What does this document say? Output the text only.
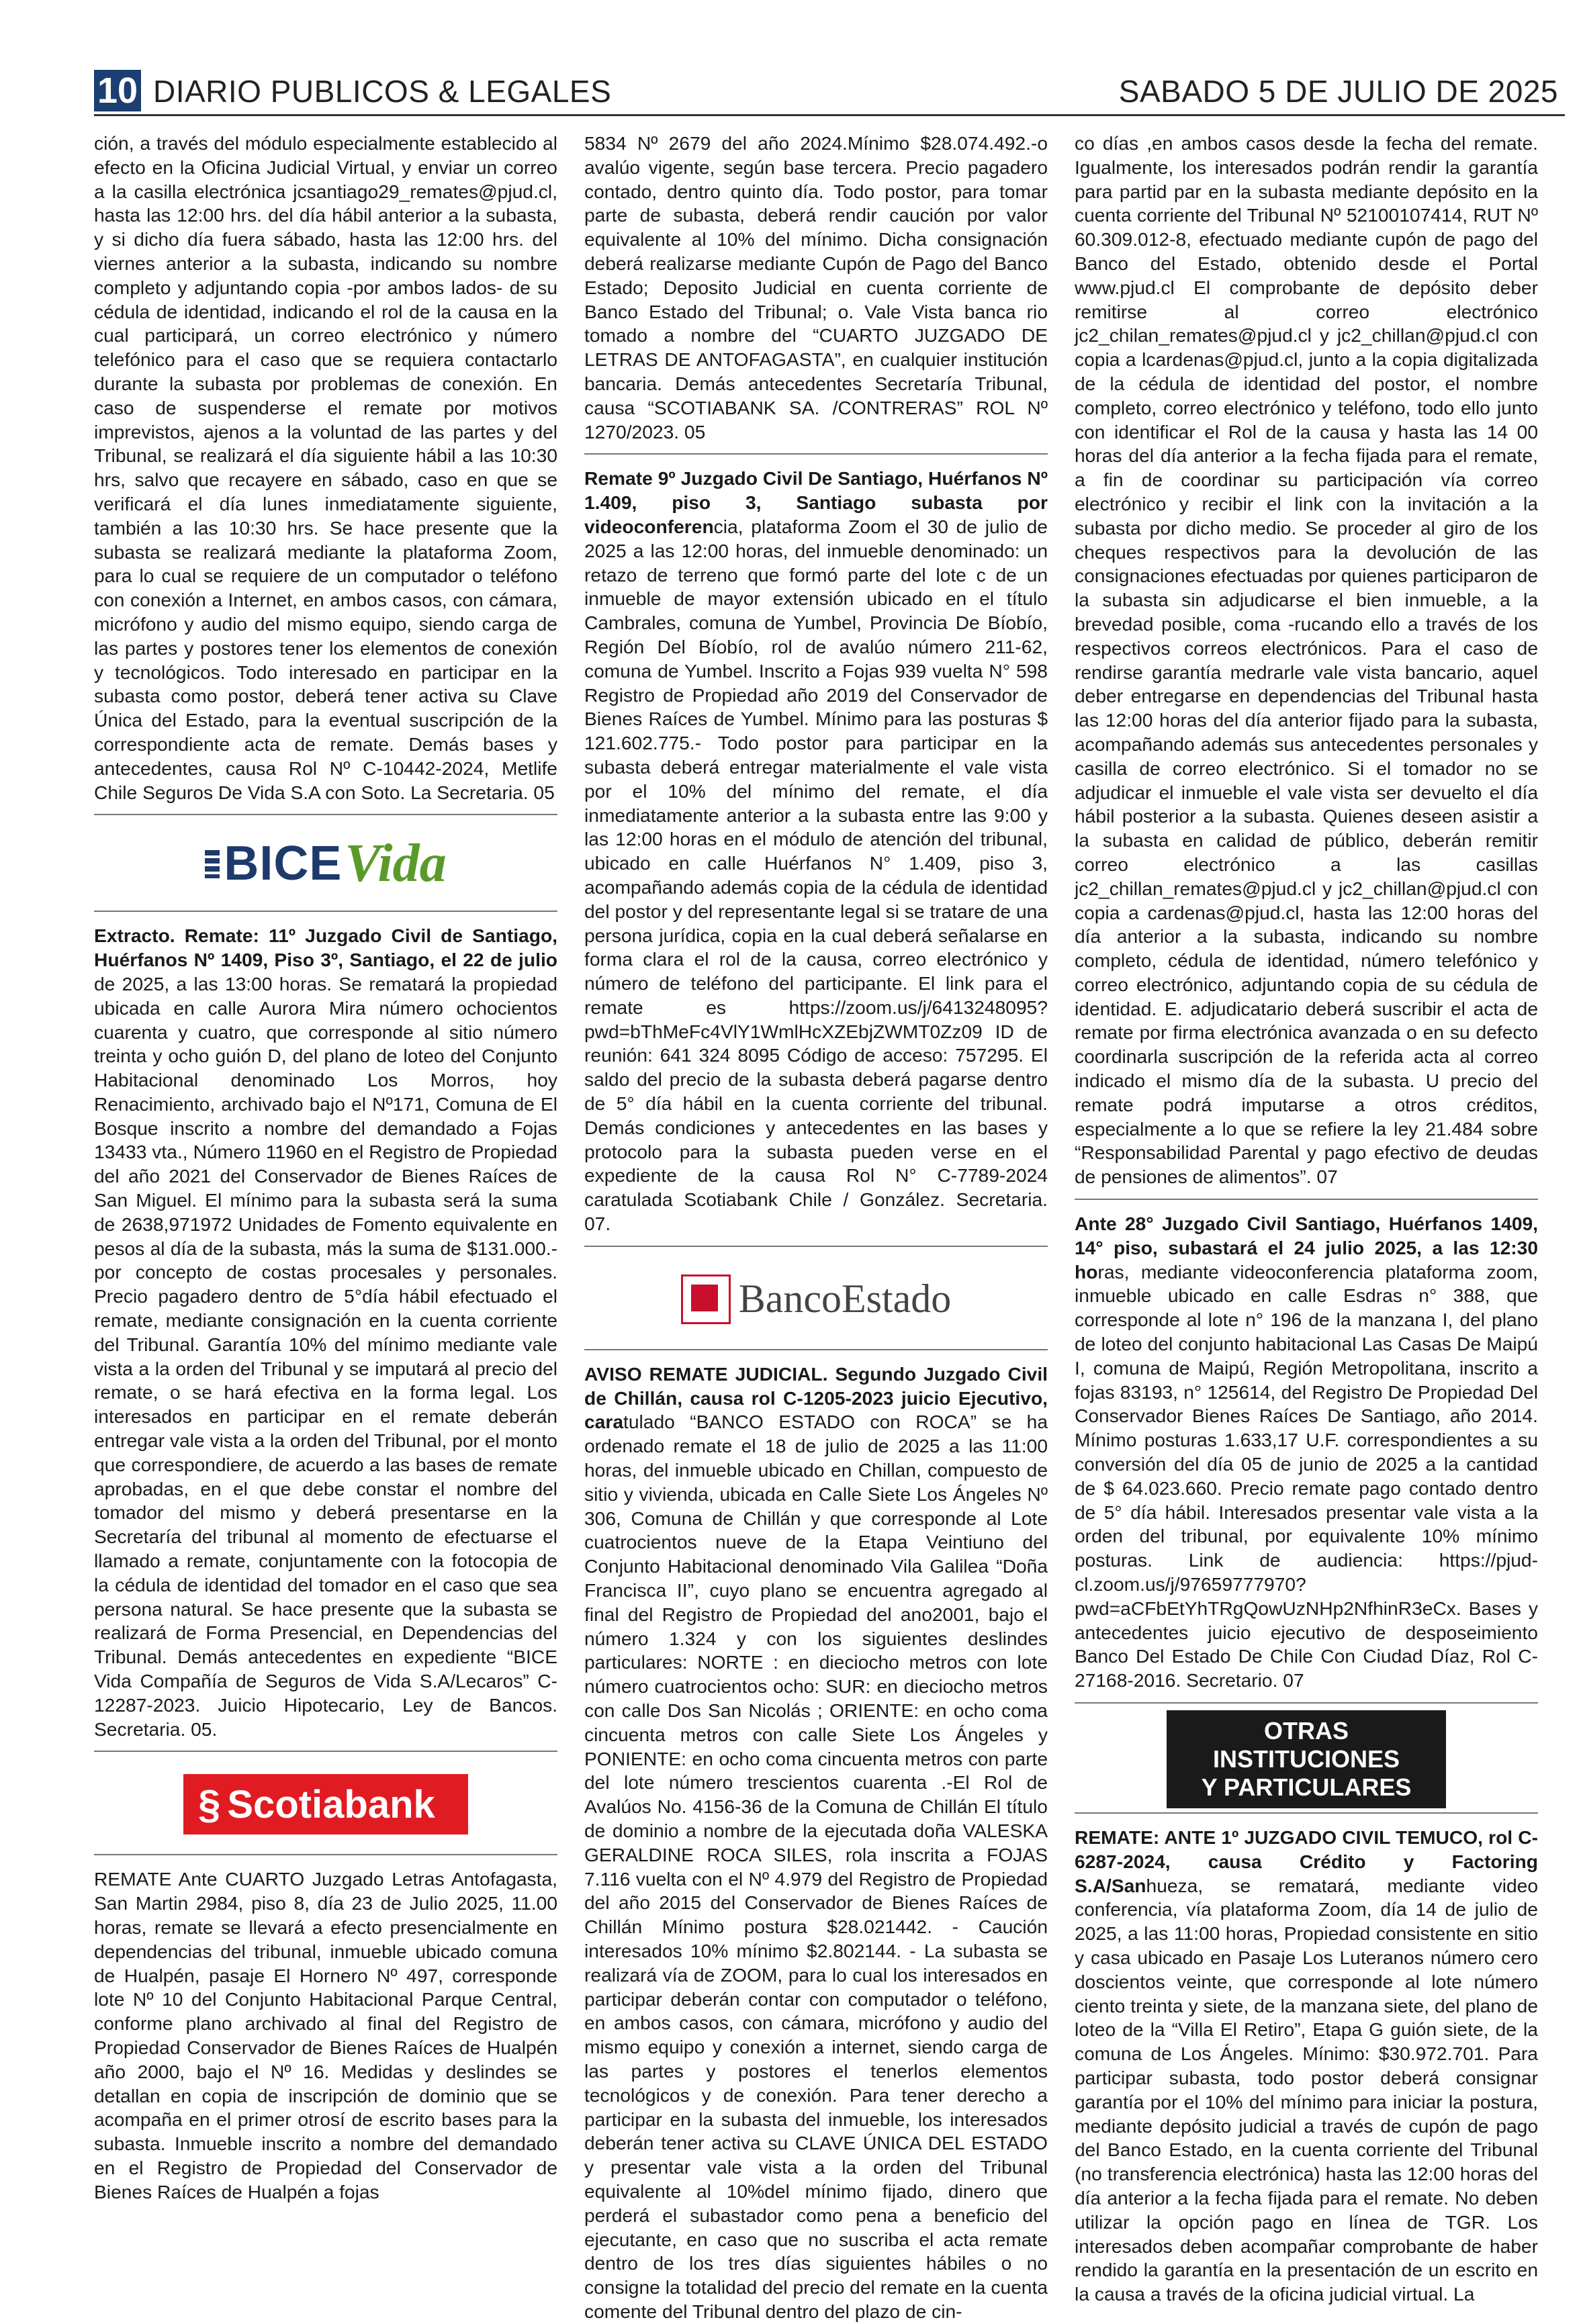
10 DIARIO PUBLICOS & LEGALES	SABADO 5 DE JULIO DE 2025

ción, a través del módulo especialmente establecido al efecto en la Oficina Judicial Virtual, y enviar un correo a la casilla electrónica jcsantiago29_remates@pjud.cl, hasta las 12:00 hrs. del día hábil anterior a la subasta, y si dicho día fuera sábado, hasta las 12:00 hrs. del viernes anterior a la subasta, indicando su nombre completo y adjuntando copia -por ambos lados- de su cédula de identidad, indicando el rol de la causa en la cual participará, un correo electrónico y número telefónico para el caso que se requiera contactarlo durante la subasta por problemas de conexión. En caso de suspenderse el remate por motivos imprevistos, ajenos a la voluntad de las partes y del Tribunal, se realizará el día siguiente hábil a las 10:30 hrs, salvo que recayere en sábado, caso en que se verificará el día lunes inmediatamente siguiente, también a las 10:30 hrs. Se hace presente que la subasta se realizará mediante la plataforma Zoom, para lo cual se requiere de un computador o teléfono con conexión a Internet, en ambos casos, con cámara, micrófono y audio del mismo equipo, siendo carga de las partes y postores tener los elementos de conexión y tecnológicos. Todo interesado en participar en la subasta como postor, deberá tener activa su Clave Única del Estado, para la eventual suscripción de la correspondiente acta de remate. Demás bases y antecedentes, causa Rol Nº C-10442-2024, Metlife Chile Seguros De Vida S.A con Soto. La Secretaria. 05

BICE Vida

Extracto. Remate: 11º Juzgado Civil de Santiago, Huérfanos Nº 1409, Piso 3º, Santiago, el 22 de julio de 2025, a las 13:00 horas. Se rematará la propiedad ubicada en calle Aurora Mira número ochocientos cuarenta y cuatro, que corresponde al sitio número treinta y ocho guión D, del plano de loteo del Conjunto Habitacional denominado Los Morros, hoy Renacimiento, archivado bajo el Nº171, Comuna de El Bosque inscrito a nombre del demandado a Fojas 13433 vta., Número 11960 en el Registro de Propiedad del año 2021 del Conservador de Bienes Raíces de San Miguel. El mínimo para la subasta será la suma de 2638,971972 Unidades de Fomento equivalente en pesos al día de la subasta, más la suma de $131.000.- por concepto de costas procesales y personales. Precio pagadero dentro de 5°día hábil efectuado el remate, mediante consignación en la cuenta corriente del Tribunal. Garantía 10% del mínimo mediante vale vista a la orden del Tribunal y se imputará al precio del remate, o se hará efectiva en la forma legal. Los interesados en participar en el remate deberán entregar vale vista a la orden del Tribunal, por el monto que correspondiere, de acuerdo a las bases de remate aprobadas, en el que debe constar el nombre del tomador del mismo y deberá presentarse en la Secretaría del tribunal al momento de efectuarse el llamado a remate, conjuntamente con la fotocopia de la cédula de identidad del tomador en el caso que sea persona natural. Se hace presente que la subasta se realizará de Forma Presencial, en Dependencias del Tribunal. Demás antecedentes en expediente “BICE Vida Compañía de Seguros de Vida S.A/Lecaros” C-12287-2023. Juicio Hipotecario, Ley de Bancos. Secretaria. 05.

§ Scotiabank

REMATE Ante CUARTO Juzgado Letras Antofagasta, San Martin 2984, piso 8, día 23 de Julio 2025, 11.00 horas, remate se llevará a efecto presencialmente en dependencias del tribunal, inmueble ubicado comuna de Hualpén, pasaje El Hornero Nº 497, corresponde lote Nº 10 del Conjunto Habitacional Parque Central, conforme plano archivado al final del Registro de Propiedad Conservador de Bienes Raíces de Hualpén año 2000, bajo el Nº 16. Medidas y deslindes se detallan en copia de inscripción de dominio que se acompaña en el primer otrosí de escrito bases para la subasta. Inmueble inscrito a nombre del demandado en el Registro de Propiedad del Conservador de Bienes Raíces de Hualpén a fojas

5834 Nº 2679 del año 2024.Mínimo $28.074.492.-o avalúo vigente, según base tercera. Precio pagadero contado, dentro quinto día. Todo postor, para tomar parte de subasta, deberá rendir caución por valor equivalente al 10% del mínimo. Dicha consignación deberá realizarse mediante Cupón de Pago del Banco Estado; Deposito Judicial en cuenta corriente de Banco Estado del Tribunal; o. Vale Vista banca rio tomado a nombre del “CUARTO JUZGADO DE LETRAS DE ANTOFAGASTA”, en cualquier institución bancaria. Demás antecedentes Secretaría Tribunal, causa “SCOTIABANK SA. /CONTRERAS” ROL Nº 1270/2023. 05

Remate 9º Juzgado Civil De Santiago, Huérfanos Nº 1.409, piso 3, Santiago subasta por videoconferencia, plataforma Zoom el 30 de julio de 2025 a las 12:00 horas, del inmueble denominado: un retazo de terreno que formó parte del lote c de un inmueble de mayor extensión ubicado en el título Cambrales, comuna de Yumbel, Provincia De Bíobío, Región Del Bíobío, rol de avalúo número 211-62, comuna de Yumbel. Inscrito a Fojas 939 vuelta N° 598 Registro de Propiedad año 2019 del Conservador de Bienes Raíces de Yumbel. Mínimo para las posturas $ 121.602.775.- Todo postor para participar en la subasta deberá entregar materialmente el vale vista por el 10% del mínimo del remate, el día inmediatamente anterior a la subasta entre las 9:00 y las 12:00 horas en el módulo de atención del tribunal, ubicado en calle Huérfanos N° 1.409, piso 3, acompañando además copia de la cédula de identidad del postor y del representante legal si se tratare de una persona jurídica, copia en la cual deberá señalarse en forma clara el rol de la causa, correo electrónico y número de teléfono del participante. El link para el remate es https://zoom.us/j/6413248095?pwd=bThMeFc4VlY1WmlHcXZEbjZWMT0Zz09 ID de reunión: 641 324 8095 Código de acceso: 757295. El saldo del precio de la subasta deberá pagarse dentro de 5° día hábil en la cuenta corriente del tribunal. Demás condiciones y antecedentes en las bases y protocolo para la subasta pueden verse en el expediente de la causa Rol N° C-7789-2024 caratulada Scotiabank Chile / González. Secretaria. 07.

BancoEstado

AVISO REMATE JUDICIAL. Segundo Juzgado Civil de Chillán, causa rol C-1205-2023 juicio Ejecutivo, caratulado “BANCO ESTADO con ROCA” se ha ordenado remate el 18 de julio de 2025 a las 11:00 horas, del inmueble ubicado en Chillan, compuesto de sitio y vivienda, ubicada en Calle Siete Los Ángeles Nº 306, Comuna de Chillán y que corresponde al Lote cuatrocientos nueve de la Etapa Veintiuno del Conjunto Habitacional denominado Vila Galilea “Doña Francisca II”, cuyo plano se encuentra agregado al final del Registro de Propiedad del ano2001, bajo el número 1.324 y con los siguientes deslindes particulares: NORTE : en dieciocho metros con lote número cuatrocientos ocho: SUR: en dieciocho metros con calle Dos San Nicolás ; ORIENTE: en ocho coma cincuenta metros con calle Siete Los Ángeles y PONIENTE: en ocho coma cincuenta metros con parte del lote número trescientos cuarenta .-El Rol de Avalúos No. 4156-36 de la Comuna de Chillán El título de dominio a nombre de la ejecutada doña VALESKA GERALDINE ROCA SILES, rola inscrita a FOJAS 7.116 vuelta con el Nº 4.979 del Registro de Propiedad del año 2015 del Conservador de Bienes Raíces de Chillán Mínimo postura $28.021442. - Caución interesados 10% mínimo $2.802144. - La subasta se realizará vía de ZOOM, para lo cual los interesados en participar deberán contar con computador o teléfono, en ambos casos, con cámara, micrófono y audio del mismo equipo y conexión a internet, siendo carga de las partes y postores el tenerlos elementos tecnológicos y de conexión. Para tener derecho a participar en la subasta del inmueble, los interesados deberán tener activa su CLAVE ÚNICA DEL ESTADO y presentar vale vista a la orden del Tribunal equivalente al 10%del mínimo fijado, dinero que perderá el subastador como pena a beneficio del ejecutante, en caso que no suscriba el acta remate dentro de los tres días siguientes hábiles o no consigne la totalidad del precio del remate en la cuenta comente del Tribunal dentro del plazo de cin-

co días ,en ambos casos desde la fecha del remate. Igualmente, los interesados podrán rendir la garantía para partid par en la subasta mediante depósito en la cuenta corriente del Tribunal Nº 52100107414, RUT Nº 60.309.012-8, efectuado mediante cupón de pago del Banco del Estado, obtenido desde el Portal www.pjud.cl El comprobante de depósito deber remitirse al correo electrónico jc2_chilan_remates@pjud.cl y jc2_chillan@pjud.cl con copia a lcardenas@pjud.cl, junto a la copia digitalizada de la cédula de identidad del postor, el nombre completo, correo electrónico y teléfono, todo ello junto con identificar el Rol de la causa y hasta las 14 00 horas del día anterior a la fecha fijada para el remate, a fin de coordinar su participación vía correo electrónico y recibir el link con la invitación a la subasta por dicho medio. Se proceder al giro de los cheques respectivos para la devolución de las consignaciones efectuadas por quienes participaron de la subasta sin adjudicarse el bien inmueble, a la brevedad posible, coma -rucando ello a través de los respectivos correos electrónicos. Para el caso de rendirse garantía medrarle vale vista bancario, aquel deber entregarse en dependencias del Tribunal hasta las 12:00 horas del día anterior fijado para la subasta, acompañando además sus antecedentes personales y casilla de correo electrónico. Si el tomador no se adjudicar el inmueble el vale vista ser devuelto el día hábil posterior a la subasta. Quienes deseen asistir a la subasta en calidad de público, deberán remitir correo electrónico a las casillas jc2_chillan_remates@pjud.cl y jc2_chillan@pjud.cl con copia a cardenas@pjud.cl, hasta las 12:00 horas del día anterior a la subasta, indicando su nombre completo, cédula de identidad, número telefónico y correo electrónico, adjuntando copia de su cédula de identidad. E. adjudicatario deberá suscribir el acta de remate por firma electrónica avanzada o en su defecto coordinarla suscripción de la referida acta al correo indicado el mismo día de la subasta. U precio del remate podrá imputarse a otros créditos, especialmente a lo que se refiere la ley 21.484 sobre “Responsabilidad Parental y pago efectivo de deudas de pensiones de alimentos”. 07

Ante 28° Juzgado Civil Santiago, Huérfanos 1409, 14° piso, subastará el 24 julio 2025, a las 12:30 horas, mediante videoconferencia plataforma zoom, inmueble ubicado en calle Esdras n° 388, que corresponde al lote n° 196 de la manzana I, del plano de loteo del conjunto habitacional Las Casas De Maipú I, comuna de Maipú, Región Metropolitana, inscrito a fojas 83193, n° 125614, del Registro De Propiedad Del Conservador Bienes Raíces De Santiago, año 2014. Mínimo posturas 1.633,17 U.F. correspondientes a su conversión del día 05 de junio de 2025 a la cantidad de $ 64.023.660. Precio remate pago contado dentro de 5° día hábil. Interesados presentar vale vista a la orden del tribunal, por equivalente 10% mínimo posturas. Link de audiencia: https://pjud-cl.zoom.us/j/97659777970?pwd=aCFbEtYhTRgQowUzNHp2NfhinR3eCx. Bases y antecedentes juicio ejecutivo de desposeimiento Banco Del Estado De Chile Con Ciudad Díaz, Rol C-27168-2016. Secretario. 07

OTRAS INSTITUCIONES
Y PARTICULARES

REMATE: ANTE 1º JUZGADO CIVIL TEMUCO, rol C-6287-2024, causa Crédito y Factoring S.A/Sanhueza, se rematará, mediante video conferencia, vía plataforma Zoom, día 14 de julio de 2025, a las 11:00 horas, Propiedad consistente en sitio y casa ubicado en Pasaje Los Luteranos número cero doscientos veinte, que corresponde al lote número ciento treinta y siete, de la manzana siete, del plano de loteo de la “Villa El Retiro”, Etapa G guión siete, de la comuna de Los Ángeles. Mínimo: $30.972.701. Para participar subasta, todo postor deberá consignar garantía por el 10% del mínimo para iniciar la postura, mediante depósito judicial a través de cupón de pago del Banco Estado, en la cuenta corriente del Tribunal (no transferencia electrónica) hasta las 12:00 horas del día anterior a la fecha fijada para el remate. No deben utilizar la opción pago en línea de TGR. Los interesados deben acompañar comprobante de haber rendido la garantía en la presentación de un escrito en la causa a través de la oficina judicial virtual. La
